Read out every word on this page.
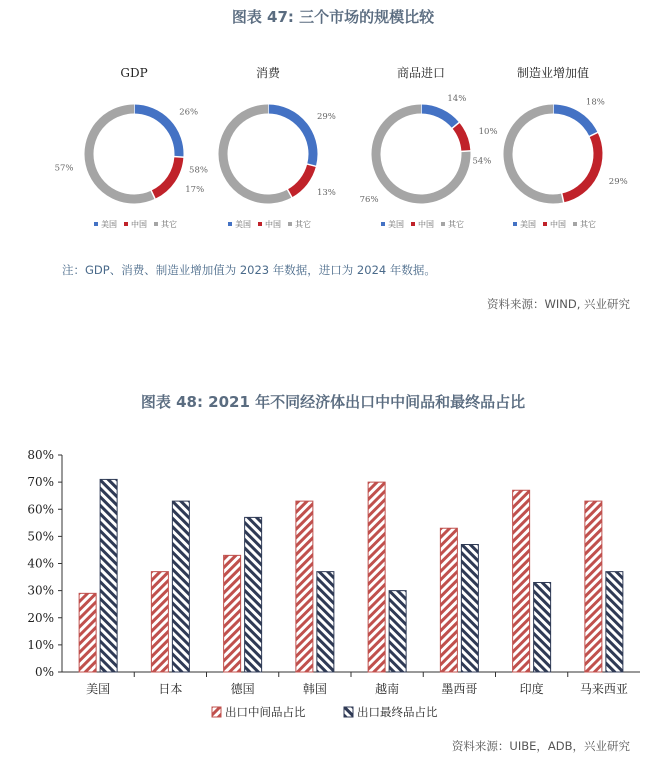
图表 47: 三个市场的规模比较
GDP
26%
17%
57%
美国 中国 其它
消费
29%
13%
58%
美国 中国 其它
商品进口
14%
10%
76%
美国 中国 其它
制造业增加值
18%
29%
54%
美国 中国 其它
0%
10%
20%
30%
40%
50%
60%
70%
80%
美国	日本	德国	韩国	越南	墨西哥	印度	马来西亚
出口中间品占比	出口最终品占比
注：GDP、消费、制造业增加值为 2023 年数据，进口为 2024 年数据。
资料来源：WIND, 兴业研究
图表 48: 2021 年不同经济体出口中中间品和最终品占比
资料来源：UIBE，ADB，兴业研究
